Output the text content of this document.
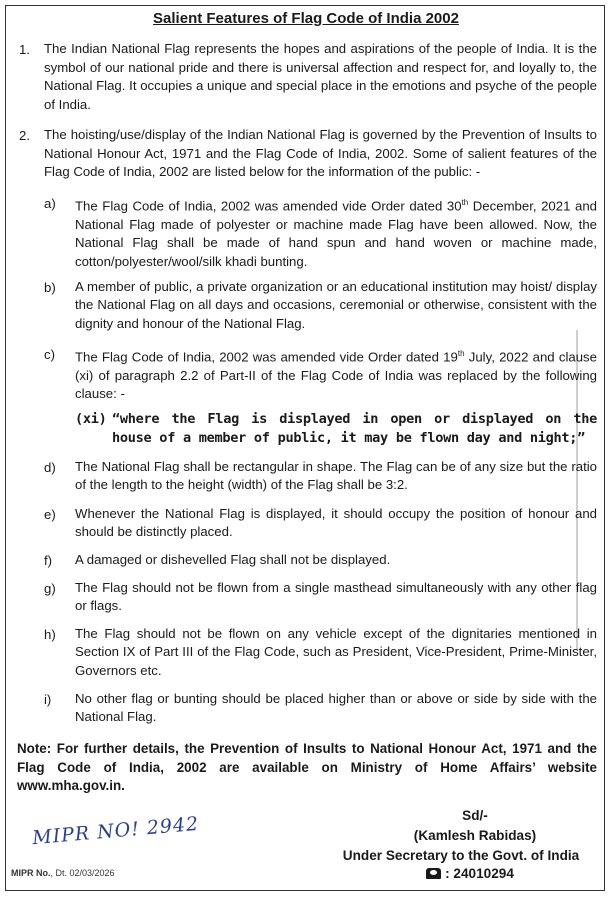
Salient Features of Flag Code of India 2002
1. The Indian National Flag represents the hopes and aspirations of the people of India. It is the symbol of our national pride and there is universal affection and respect for, and loyally to, the National Flag. It occupies a unique and special place in the emotions and psyche of the people of India.
2. The hoisting/use/display of the Indian National Flag is governed by the Prevention of Insults to National Honour Act, 1971 and the Flag Code of India, 2002. Some of salient features of the Flag Code of India, 2002 are listed below for the information of the public: -
a) The Flag Code of India, 2002 was amended vide Order dated 30th December, 2021 and National Flag made of polyester or machine made Flag have been allowed. Now, the National Flag shall be made of hand spun and hand woven or machine made, cotton/polyester/wool/silk khadi bunting.
b) A member of public, a private organization or an educational institution may hoist/ display the National Flag on all days and occasions, ceremonial or otherwise, consistent with the dignity and honour of the National Flag.
c) The Flag Code of India, 2002 was amended vide Order dated 19th July, 2022 and clause (xi) of paragraph 2.2 of Part-II of the Flag Code of India was replaced by the following clause: -
(xi) “where the Flag is displayed in open or displayed on the house of a member of public, it may be flown day and night;”
d) The National Flag shall be rectangular in shape. The Flag can be of any size but the ratio of the length to the height (width) of the Flag shall be 3:2.
e) Whenever the National Flag is displayed, it should occupy the position of honour and should be distinctly placed.
f) A damaged or dishevelled Flag shall not be displayed.
g) The Flag should not be flown from a single masthead simultaneously with any other flag or flags.
h) The Flag should not be flown on any vehicle except of the dignitaries mentioned in Section IX of Part III of the Flag Code, such as President, Vice-President, Prime-Minister, Governors etc.
i) No other flag or bunting should be placed higher than or above or side by side with the National Flag.
Note: For further details, the Prevention of Insults to National Honour Act, 1971 and the Flag Code of India, 2002 are available on Ministry of Home Affairs’ website www.mha.gov.in.
Sd/-
(Kamlesh Rabidas)
Under Secretary to the Govt. of India
: 24010294
MIPR NO! 2942
MIPR No., Dt. 02/03/2026
